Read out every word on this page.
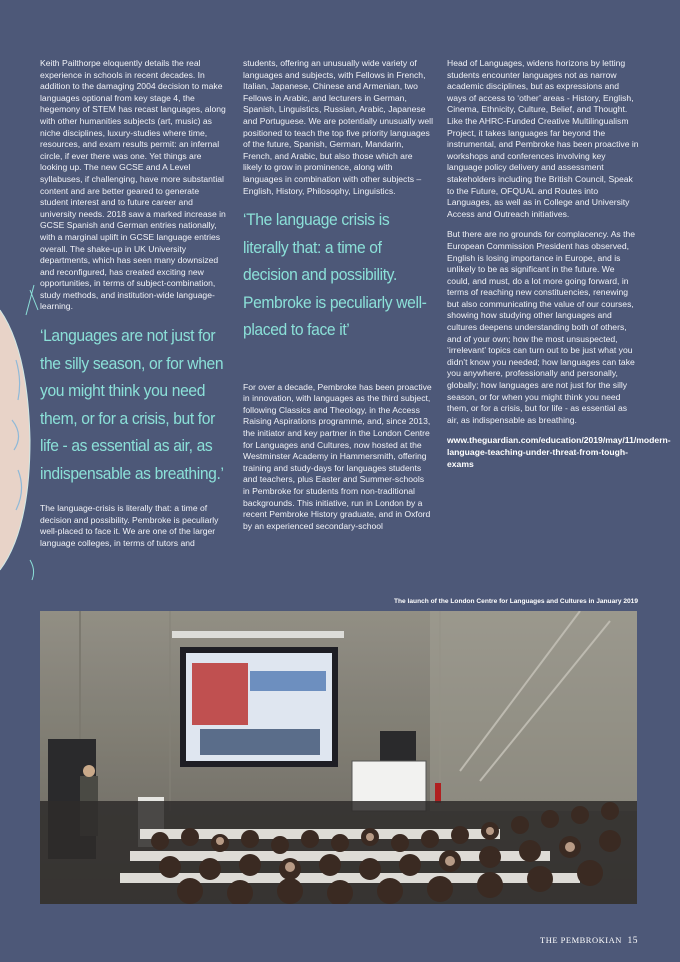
Keith Pailthorpe eloquently details the real experience in schools in recent decades. In addition to the damaging 2004 decision to make languages optional from key stage 4, the hegemony of STEM has recast languages, along with other humanities subjects (art, music) as niche disciplines, luxury-studies where time, resources, and exam results permit: an infernal circle, if ever there was one. Yet things are looking up. The new GCSE and A Level syllabuses, if challenging, have more substantial content and are better geared to generate student interest and to future career and university needs. 2018 saw a marked increase in GCSE Spanish and German entries nationally, with a marginal uplift in GCSE language entries overall. The shake-up in UK University departments, which has seen many downsized and reconfigured, has created exciting new opportunities, in terms of subject-combination, study methods, and institution-wide language-learning.

‘Languages are not just for the silly season, or for when you might think you need them, or for a crisis, but for life - as essential as air, as indispensable as breathing.’

The language-crisis is literally that: a time of decision and possibility. Pembroke is peculiarly well-placed to face it. We are one of the larger language colleges, in terms of tutors and

students, offering an unusually wide variety of languages and subjects, with Fellows in French, Italian, Japanese, Chinese and Armenian, two Fellows in Arabic, and lecturers in German, Spanish, Linguistics, Russian, Arabic, Japanese and Portuguese. We are potentially unusually well positioned to teach the top five priority languages of the future, Spanish, German, Mandarin, French, and Arabic, but also those which are likely to grow in prominence, along with languages in combination with other subjects – English, History, Philosophy, Linguistics.

‘The language crisis is literally that: a time of decision and possibility. Pembroke is peculiarly well-placed to face it’

For over a decade, Pembroke has been proactive in innovation, with languages as the third subject, following Classics and Theology, in the Access Raising Aspirations programme, and, since 2013, the initiator and key partner in the London Centre for Languages and Cultures, now hosted at the Westminster Academy in Hammersmith, offering training and study-days for languages students and teachers, plus Easter and Summer-schools in Pembroke for students from non-traditional backgrounds. This initiative, run in London by a recent Pembroke History graduate, and in Oxford by an experienced secondary-school

Head of Languages, widens horizons by letting students encounter languages not as narrow academic disciplines, but as expressions and ways of access to ‘other’ areas - History, English, Cinema, Ethnicity, Culture, Belief, and Thought. Like the AHRC-Funded Creative Multilingualism Project, it takes languages far beyond the instrumental, and Pembroke has been proactive in workshops and conferences involving key language policy delivery and assessment stakeholders including the British Council, Speak to the Future, OFQUAL and Routes into Languages, as well as in College and University Access and Outreach initiatives.

But there are no grounds for complacency. As the European Commission President has observed, English is losing importance in Europe, and is unlikely to be as significant in the future. We could, and must, do a lot more going forward, in terms of reaching new constituencies, renewing but also communicating the value of our courses, showing how studying other languages and cultures deepens understanding both of others, and of your own; how the most unsuspected, ‘irrelevant’ topics can turn out to be just what you didn’t know you needed; how languages can take you anywhere, professionally and personally, globally; how languages are not just for the silly season, or for when you might think you need them, or for a crisis, but for life - as essential as air, as indispensable as breathing.

www.theguardian.com/education/2019/may/11/modern-language-teaching-under-threat-from-tough-exams

The launch of the London Centre for Languages and Cultures in January 2019
THE PEMBROKIAN 15
